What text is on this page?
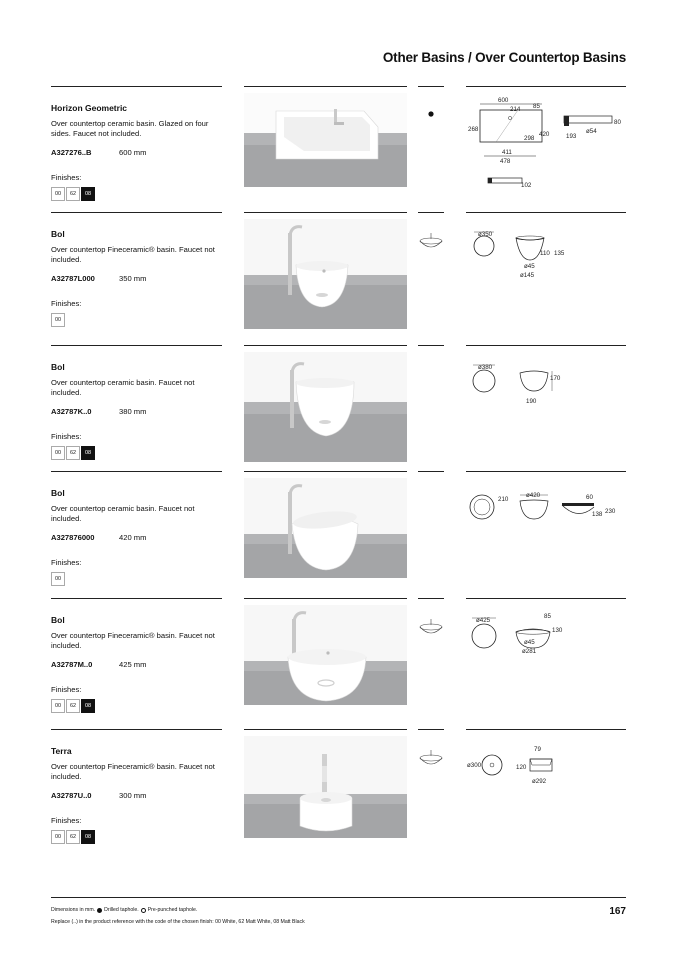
Other Basins / Over Countertop Basins
Horizon Geometric
Over countertop ceramic basin. Glazed on four sides. Faucet not included.
A327276..B	600 mm
Finishes:
00	62	08
600
214 85
268
420
298
411
478
80
ø54
193
102
Bol
Over countertop Fineceramic® basin. Faucet not included.
A32787L000	350 mm
Finishes:
00
ø350
110 135
ø45
ø145
Bol
Over countertop ceramic basin. Faucet not included.
A32787K..0	380 mm
Finishes:
00	62	08
ø380
170
190
Bol
Over countertop ceramic basin. Faucet not included.
A327876000	420 mm
Finishes:
00
210
ø420	60
138 230
Bol
Over countertop Fineceramic® basin. Faucet not included.
A32787M..0	425 mm
Finishes:
00	62	08
ø425
85
130
ø45
ø281
Terra
Over countertop Fineceramic® basin. Faucet not included.
A32787U..0	300 mm
Finishes:
00	62	08
ø300
79
120
ø292
Dimensions in mm. Drilled taphole. Pre-punched taphole.
Replace (..) in the product reference with the code of the chosen finish: 00 White, 62 Matt White, 08 Matt Black
167
